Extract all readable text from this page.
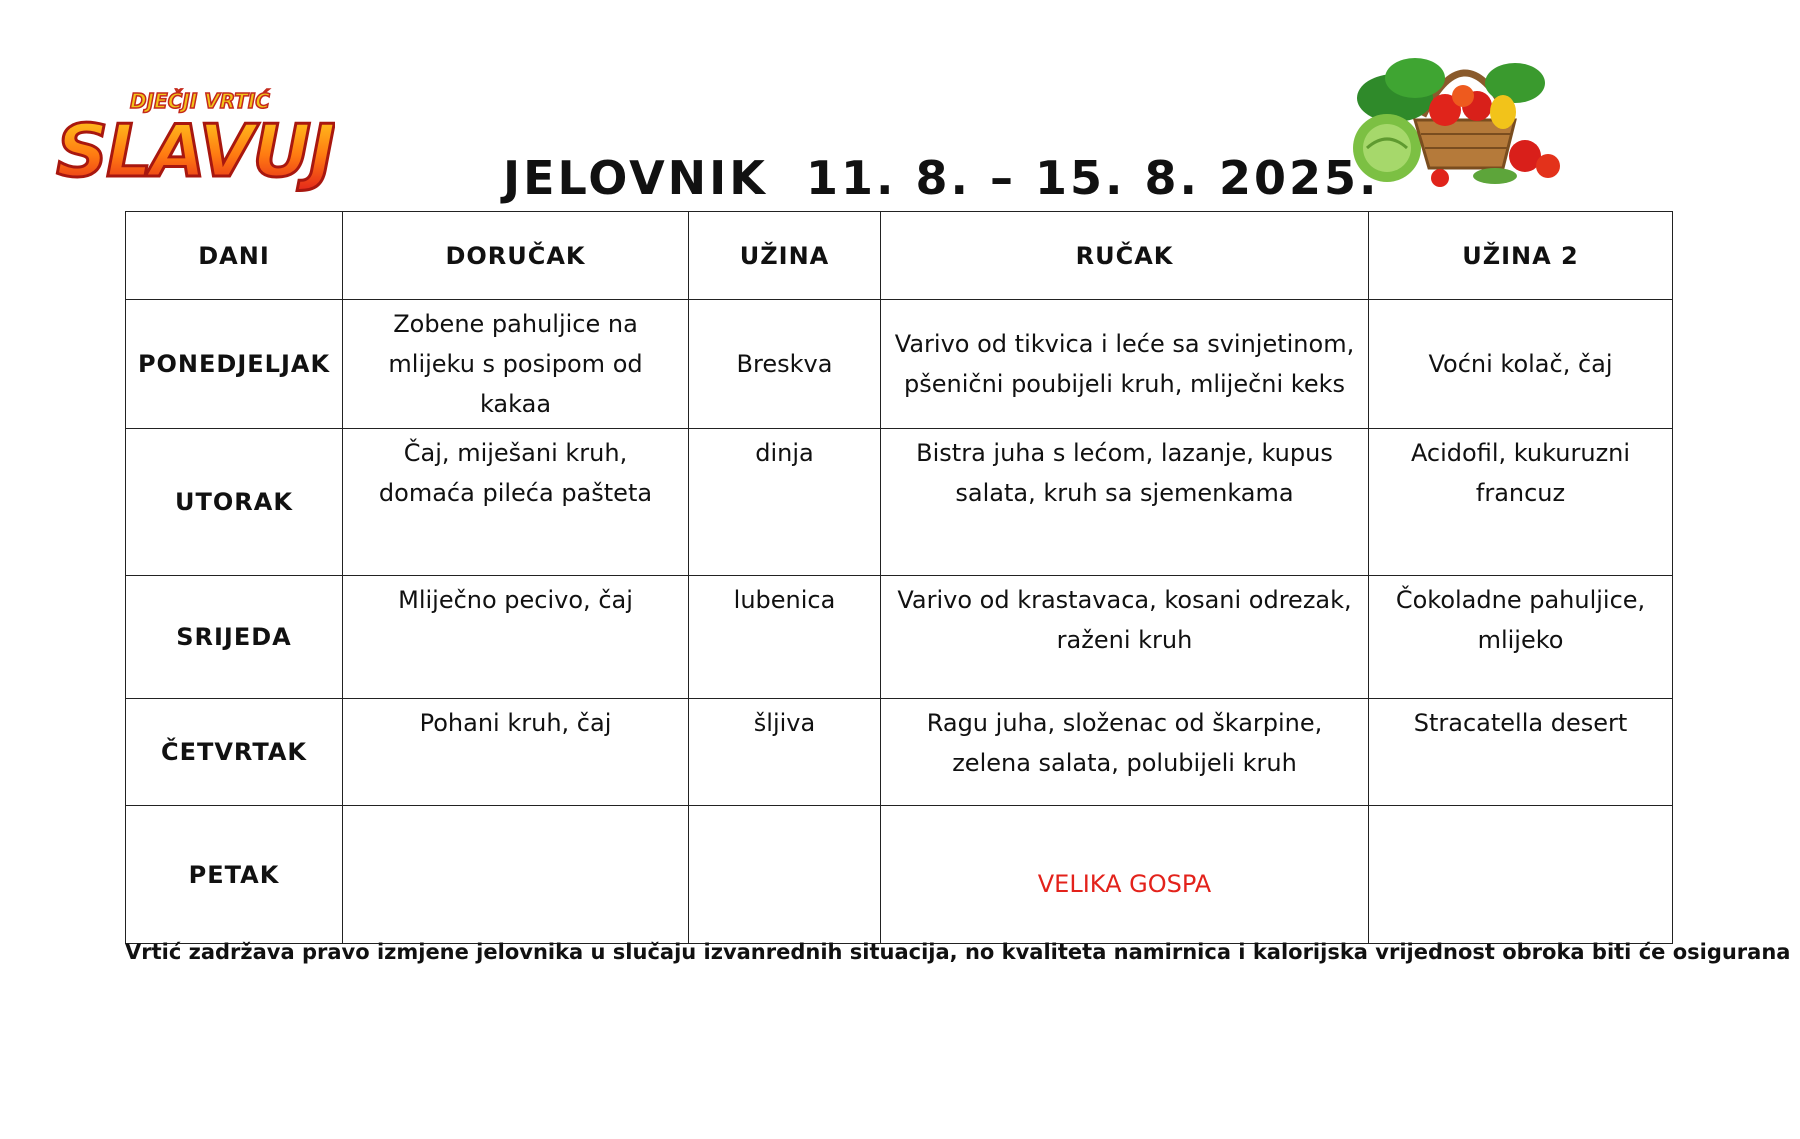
DJEČJI VRTIĆ
SLAVUJ	JELOVNIK  11. 8. – 15. 8. 2025.
DANI	DORUČAK	UŽINA	RUČAK	UŽINA 2
PONEDJELJAK	Zobene pahuljice na mlijeku s posipom od kakaa	Breskva	Varivo od tikvica i leće sa svinjetinom, pšenični poubijeli kruh, mliječni keks	Voćni kolač, čaj
UTORAK	Čaj, miješani kruh, domaća pileća pašteta	dinja	Bistra juha s lećom, lazanje, kupus salata, kruh sa sjemenkama	Acidofil, kukuruzni francuz
SRIJEDA	Mliječno pecivo, čaj	lubenica	Varivo od krastavaca, kosani odrezak, raženi kruh	Čokoladne pahuljice, mlijeko
ČETVRTAK	Pohani kruh, čaj	šljiva	Ragu juha, složenac od škarpine, zelena salata, polubijeli kruh	Stracatella desert
PETAK			VELIKA GOSPA	
Vrtić zadržava pravo izmjene jelovnika u slučaju izvanrednih situacija, no kvaliteta namirnica i kalorijska vrijednost obroka biti će osigurana
